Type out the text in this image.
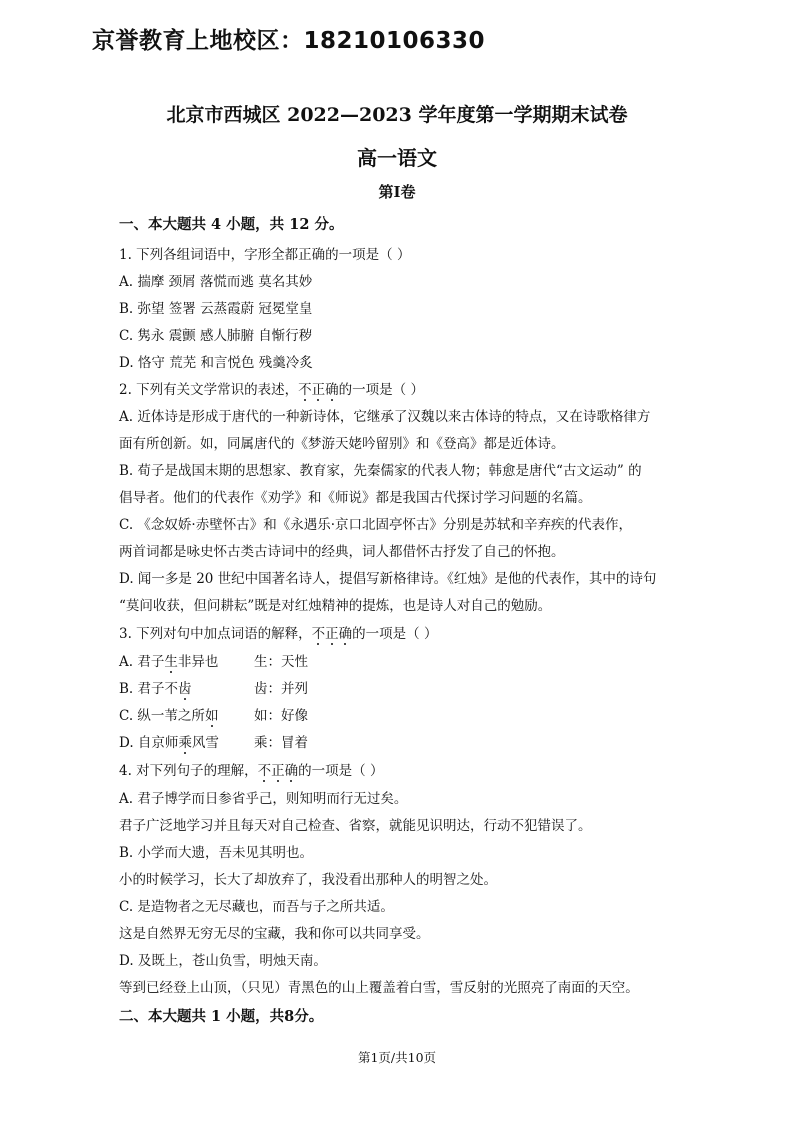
京誉教育上地校区：18210106330
北京市西城区 2022—2023 学年度第一学期期末试卷
高一语文
第Ⅰ卷
一、本大题共 4 小题，共 12 分。
1. 下列各组词语中，字形全都正确的一项是（ ）
A. 揣摩 颈屑 落慌而逃 莫名其妙
B. 弥望 签署 云蒸霞蔚 冠冕堂皇
C. 隽永 震颤 感人肺腑 自惭行秽
D. 恪守 荒芜 和言悦色 残羹冷炙
2. 下列有关文学常识的表述，不正确的一项是（ ）
A. 近体诗是形成于唐代的一种新诗体，它继承了汉魏以来古体诗的特点，又在诗歌格律方
面有所创新。如，同属唐代的《梦游天姥吟留别》和《登高》都是近体诗。
B. 荀子是战国末期的思想家、教育家，先秦儒家的代表人物；韩愈是唐代“古文运动” 的
倡导者。他们的代表作《劝学》和《师说》都是我国古代探讨学习问题的名篇。
C. 《念奴娇·赤壁怀古》和《永遇乐·京口北固亭怀古》分别是苏轼和辛弃疾的代表作，
两首词都是咏史怀古类古诗词中的经典，词人都借怀古抒发了自己的怀抱。
D. 闻一多是 20 世纪中国著名诗人，提倡写新格律诗。《红烛》是他的代表作，其中的诗句
“莫问收获，但问耕耘”既是对红烛精神的提炼，也是诗人对自己的勉励。
3. 下列对句中加点词语的解释，不正确的一项是（ ）
A. 君子生非异也	生：天性
B. 君子不齿	齿：并列
C. 纵一苇之所如	如：好像
D. 自京师乘风雪	乘：冒着
4. 对下列句子的理解，不正确的一项是（ ）
A. 君子博学而日参省乎己，则知明而行无过矣。
君子广泛地学习并且每天对自己检查、省察，就能见识明达，行动不犯错误了。
B. 小学而大遗，吾未见其明也。
小的时候学习，长大了却放弃了，我没看出那种人的明智之处。
C. 是造物者之无尽藏也，而吾与子之所共适。
这是自然界无穷无尽的宝藏，我和你可以共同享受。
D. 及既上，苍山负雪，明烛天南。
等到已经登上山顶，（只见）青黑色的山上覆盖着白雪，雪反射的光照亮了南面的天空。
二、本大题共 1 小题，共8分。
第1页/共10页
